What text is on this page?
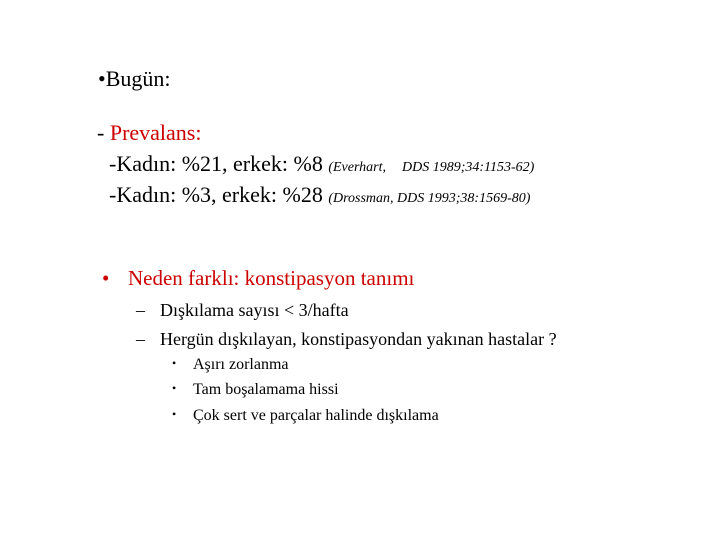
•Bugün:
- Prevalans:
-Kadın: %21, erkek: %8 (Everhart, DDS 1989;34:1153-62)
-Kadın: %3, erkek: %28 (Drossman, DDS 1993;38:1569-80)
• Neden farklı: konstipasyon tanımı
– Dışkılama sayısı < 3/hafta
– Hergün dışkılayan, konstipasyondan yakınan hastalar ?
• Aşırı zorlanma
• Tam boşalamama hissi
• Çok sert ve parçalar halinde dışkılama
